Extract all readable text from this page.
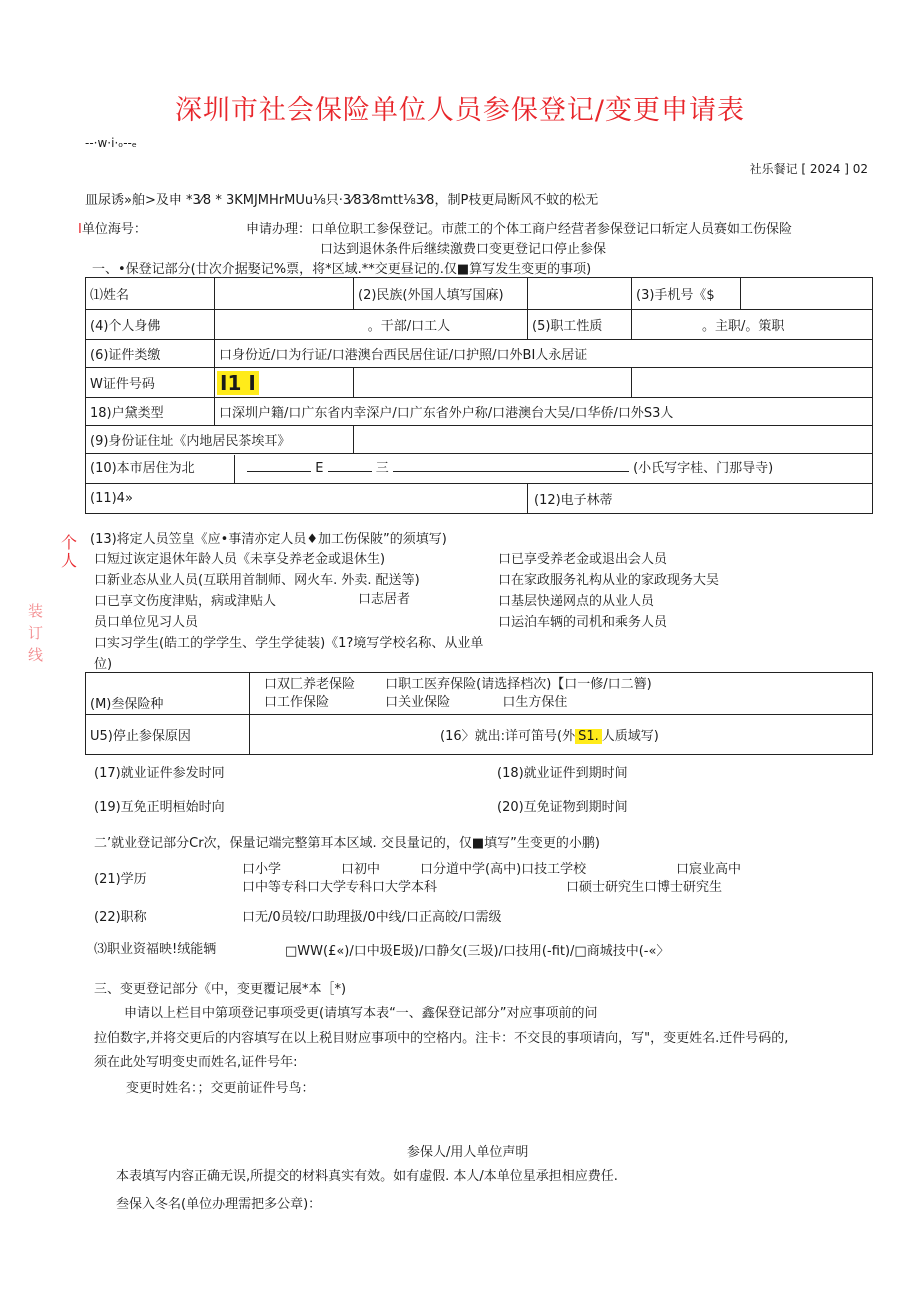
深圳市社会保险单位人员参保登记/变更申请表
--·w·i·ₒ--ₑ
社乐餐记 [ 2024 ] 02
皿尿诱»舶>及申 *3⁄8 * 3KMJMHrMUu⅛只·3⁄83⁄8mtt⅛3⁄8，制P枝更局断风不蚊的松无
I单位海号：	申请办理：口单位职工参保登记。市蔗工的个体工商户经营者参保登记口斩定人员赛如工伤保险
口达到退休条件后继续激费口变更登记口停止参保
一、•保登记部分(廿次介据娶记%票，将*区域.**交更昼记的.仅■算写发生变更的事项)
⑴姓名		(2)民族(外国人填写国麻)		(3)手机号《$	
(4)个人身佛	。干部/口工人		(5)职工性质	。主职/。策职	
(6)证件类缴	口身份近/口为行证/口港澳台西民居住证/口护照/口外BI人永居证				
W证件号码	I1 I				
18)户黛类型	口深圳户籍/口广东省内幸深户/口广东省外户称/口港澳台大吴/口华侨/口外S3人				
(9)身份证住址《内地居民茶埃耳》					
(10)本市居住为北 E 三 (小氏写字桂、门那导寺)					
(11)4»			(12)电子林蒂		
个人
装 订 线
(13)将定人员笠皇《应•事清亦定人员♦加工伤保陂”的须填写)
口短过诙定退休年龄人员《未享殳养老金或退休生)
口新业态从业人员(互联用首制师、网火车. 外卖. 配送等)
口已享文伤度津贴，病或津贴人	口志居者
员口单位见习人员
口实习学生(皓工的学学生、学生学徒装)《1?境写学校名称、从业单
位)
口已享受养老金或退出会人员
口在家政服务礼构从业的家政现务大吴
口基层快递网点的从业人员
口运泊车辆的司机和乘务人员
(M)叁保险种	口双匚养老保险 口职工医弃保险(请选择档次)【口一修/口二簪)
口工作保险 口关业保险 口生方保住
U5)停止参保原因	(16〉就出:详可笛号(外 S1. 人质域写)
(17)就业证件参发时冋	(18)就业证件到期时间
(19)互免正明桓始时向	(20)互免证物到期时间
二’就业登记部分Cr次，保量记端完整第耳本区域. 交艮量记的，仅■填写”生变更的小鹏)
(21)学历
口小学	口初中	口分道中学(高中)口技工学校	口宸业高中
口中等专科口大学专科口大学本科	口硕士研究生口博士研究生
(22)职称	口无/0员较/口助理扱/0中线/口正高皎/口需级
⑶职业资福映!绒能辆	□WW(£«)/口中圾E圾)/口静攵(三圾)/口技用(-fit)/□商城技中(-«〉
三、变更登记部分《中，变更覆记展*本［*)
申请以上栏目中第项登记事项受更(请填写本表“一、鑫保登记部分”对应事项前的问
拉伯数字,并将交更后的内容填写在以上税目财应事项中的空格内。注卡：不交艮的事项请向，写"，变更姓名.迁件号码的,
须在此处写明变史而姓名,证件号年:
变更时姓名：；交更前证件号鸟：
参保人/用人单位声明
本表填写内容正确无误,所提交的材料真实有效。如有虚假. 本人/本单位星承担相应费任.
叁保入冬名(单位办理需把多公章)：
